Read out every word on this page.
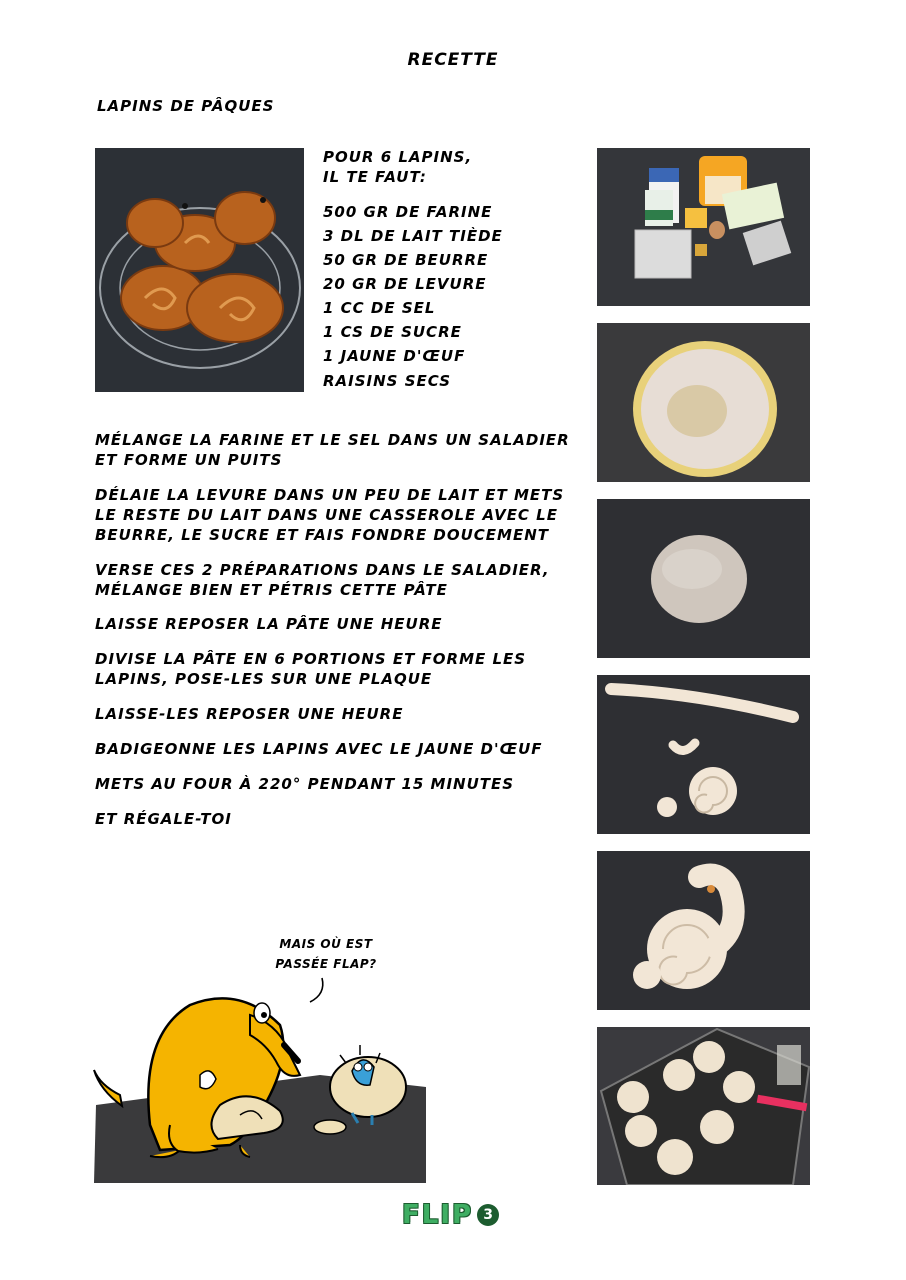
RECETTE
LAPINS DE PÂQUES
POUR 6 LAPINS,
IL TE FAUT:
500 GR DE FARINE
3 DL DE LAIT TIÈDE
50 GR DE BEURRE
20 GR DE LEVURE
1 CC DE SEL
1 CS DE SUCRE
1 JAUNE D'ŒUF
RAISINS SECS
MÉLANGE LA FARINE ET LE SEL DANS UN SALADIER
ET FORME UN PUITS
DÉLAIE LA LEVURE DANS UN PEU DE LAIT ET METS
LE RESTE DU LAIT DANS UNE CASSEROLE AVEC LE
BEURRE, LE SUCRE ET FAIS FONDRE DOUCEMENT
VERSE CES 2 PRÉPARATIONS DANS LE SALADIER,
MÉLANGE BIEN ET PÉTRIS CETTE PÂTE
LAISSE REPOSER LA PÂTE UNE HEURE
DIVISE LA PÂTE EN 6 PORTIONS ET FORME LES
LAPINS, POSE-LES SUR UNE PLAQUE
LAISSE-LES REPOSER UNE HEURE
BADIGEONNE LES LAPINS AVEC LE JAUNE D'ŒUF
METS AU FOUR À 220° PENDANT 15 MINUTES
ET RÉGALE-TOI
MAIS OÙ EST
PASSÉE FLAP?
FLIP 3
